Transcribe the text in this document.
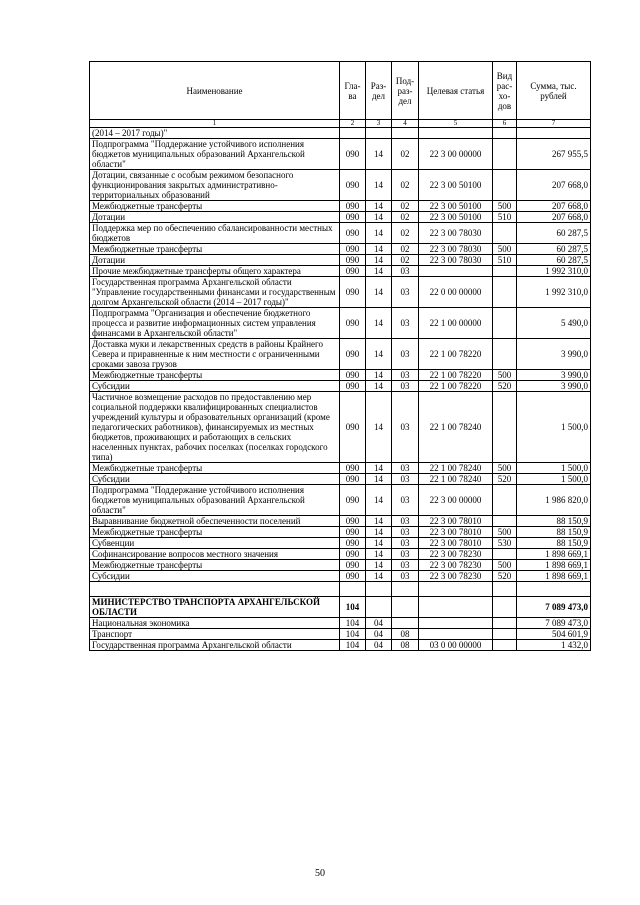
Наименование	Гла-ва	Раз-дел	Под-раз-дел	Целевая статья	Вид рас-хо-дов	Сумма, тыс. рублей
1	2	3	4	5	6	7
(2014 – 2017 годы)"						
Подпрограмма "Поддержание устойчивого исполнения бюджетов муниципальных образований Архангельской области"	090	14	02	22 3 00 00000		267 955,5
Дотации, связанные с особым режимом безопасного функционирования закрытых административно-территориальных образований	090	14	02	22 3 00 50100		207 668,0
Межбюджетные трансферты	090	14	02	22 3 00 50100	500	207 668,0
Дотации	090	14	02	22 3 00 50100	510	207 668,0
Поддержка мер по обеспечению сбалансированности местных бюджетов	090	14	02	22 3 00 78030		60 287,5
Межбюджетные трансферты	090	14	02	22 3 00 78030	500	60 287,5
Дотации	090	14	02	22 3 00 78030	510	60 287,5
Прочие межбюджетные трансферты общего характера	090	14	03			1 992 310,0
Государственная программа Архангельской области "Управление государственными финансами и государственным долгом Архангельской области (2014 – 2017 годы)"	090	14	03	22 0 00 00000		1 992 310,0
Подпрограмма "Организация и обеспечение бюджетного процесса и развитие информационных систем управления финансами в Архангельской области"	090	14	03	22 1 00 00000		5 490,0
Доставка муки и лекарственных средств в районы Крайнего Севера и приравненные к ним местности с ограниченными сроками завоза грузов	090	14	03	22 1 00 78220		3 990,0
Межбюджетные трансферты	090	14	03	22 1 00 78220	500	3 990,0
Субсидии	090	14	03	22 1 00 78220	520	3 990,0
Частичное возмещение расходов по предоставлению мер социальной поддержки квалифицированных специалистов учреждений культуры и образовательных организаций (кроме педагогических работников), финансируемых из местных бюджетов, проживающих и работающих в сельских населенных пунктах, рабочих поселках (поселках городского типа)	090	14	03	22 1 00 78240		1 500,0
Межбюджетные трансферты	090	14	03	22 1 00 78240	500	1 500,0
Субсидии	090	14	03	22 1 00 78240	520	1 500,0
Подпрограмма "Поддержание устойчивого исполнения бюджетов муниципальных образований Архангельской области"	090	14	03	22 3 00 00000		1 986 820,0
Выравнивание бюджетной обеспеченности поселений	090	14	03	22 3 00 78010		88 150,9
Межбюджетные трансферты	090	14	03	22 3 00 78010	500	88 150,9
Субвенции	090	14	03	22 3 00 78010	530	88 150,9
Софинансирование вопросов местного значения	090	14	03	22 3 00 78230		1 898 669,1
Межбюджетные трансферты	090	14	03	22 3 00 78230	500	1 898 669,1
Субсидии	090	14	03	22 3 00 78230	520	1 898 669,1

МИНИСТЕРСТВО ТРАНСПОРТА АРХАНГЕЛЬСКОЙ ОБЛАСТИ	104					7 089 473,0
Национальная экономика	104	04				7 089 473,0
Транспорт	104	04	08			504 601,9
Государственная программа Архангельской области	104	04	08	03 0 00 00000		1 432,0
50
